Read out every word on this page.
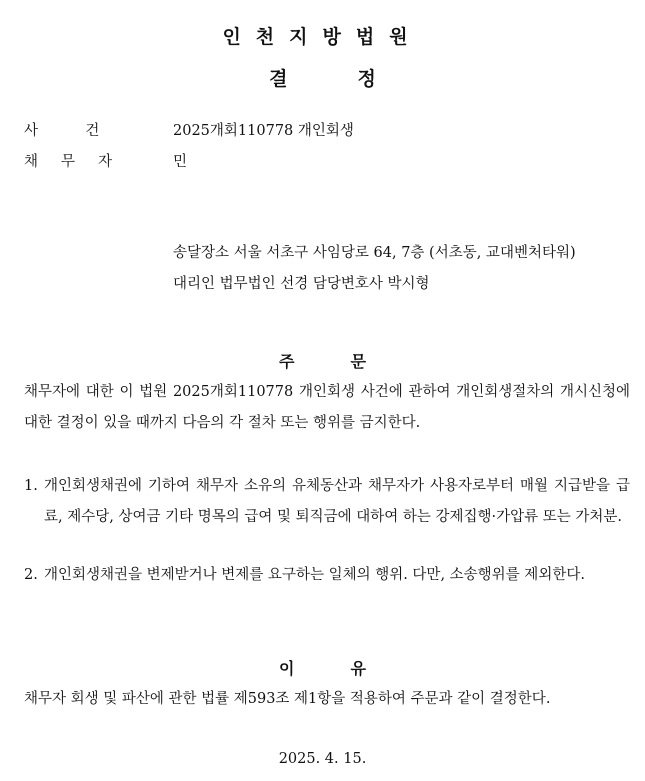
인천지방법원
결	정
사	건	2025개회110778 개인회생
채 무 자	민
송달장소 서울 서초구 사임당로 64, 7층 (서초동, 교대벤처타워)
대리인 법무법인 선경 담당변호사 박시형
주	문
채무자에 대한 이 법원 2025개회110778 개인회생 사건에 관하여 개인회생절차의 개시신청에 대한 결정이 있을 때까지 다음의 각 절차 또는 행위를 금지한다.
1. 개인회생채권에 기하여 채무자 소유의 유체동산과 채무자가 사용자로부터 매월 지급받을 급료, 제수당, 상여금 기타 명목의 급여 및 퇴직금에 대하여 하는 강제집행·가압류 또는 가처분.
2. 개인회생채권을 변제받거나 변제를 요구하는 일체의 행위. 다만, 소송행위를 제외한다.
이	유
채무자 회생 및 파산에 관한 법률 제593조 제1항을 적용하여 주문과 같이 결정한다.
2025. 4. 15.
